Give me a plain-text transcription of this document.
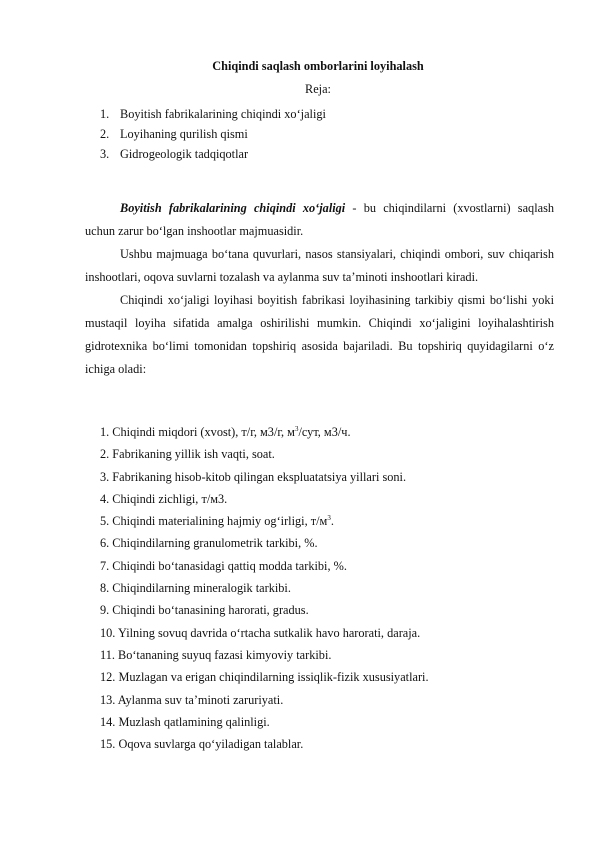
Chiqindi saqlash omborlarini loyihalash
Reja:
1. Boyitish fabrikalarining chiqindi xo‘jaligi
2. Loyihaning qurilish qismi
3. Gidrogeologik tadqiqotlar

Boyitish fabrikalarining chiqindi xo‘jaligi - bu chiqindilarni (xvostlarni) saqlash uchun zarur bo‘lgan inshootlar majmuasidir.

Ushbu majmuaga bo‘tana quvurlari, nasos stansiyalari, chiqindi ombori, suv chiqarish inshootlari, oqova suvlarni tozalash va aylanma suv ta’minoti inshootlari kiradi.

Chiqindi xo‘jaligi loyihasi boyitish fabrikasi loyihasining tarkibiy qismi bo‘lishi yoki mustaqil loyiha sifatida amalga oshirilishi mumkin. Chiqindi xo‘jaligini loyihalashtirish gidrotexnika bo‘limi tomonidan topshiriq asosida bajariladi. Bu topshiriq quyidagilarni o‘z ichiga oladi:

1. Chiqindi miqdori (xvost), т/г, м3/г, $м^3$/сут, м3/ч.
2. Fabrikaning yillik ish vaqti, soat.
3. Fabrikaning hisob-kitob qilingan ekspluatatsiya yillari soni.
4. Chiqindi zichligi, т/м3.
5. Chiqindi materialining hajmiy og‘irligi, $т/м^3$.
6. Chiqindilarning granulometrik tarkibi, %.
7. Chiqindi bo‘tanasidagi qattiq modda tarkibi, %.
8. Chiqindilarning mineralogik tarkibi.
9. Chiqindi bo‘tanasining harorati, gradus.
10. Yilning sovuq davrida o‘rtacha sutkalik havo harorati, daraja.
11. Bo‘tananing suyuq fazasi kimyoviy tarkibi.
12. Muzlagan va erigan chiqindilarning issiqlik-fizik xususiyatlari.
13. Aylanma suv ta’minoti zaruriyati.
14. Muzlash qatlamining qalinligi.
15. Oqova suvlarga qo‘yiladigan talablar.
